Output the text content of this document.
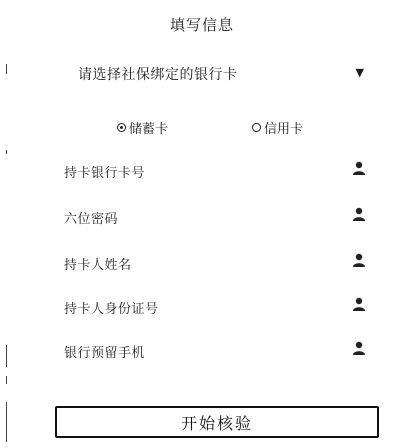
填写信息
请选择社保绑定的银行卡	▼
储蓄卡	信用卡
持卡银行卡号
六位密码
持卡人姓名
持卡人身份证号
银行预留手机
开始核验
